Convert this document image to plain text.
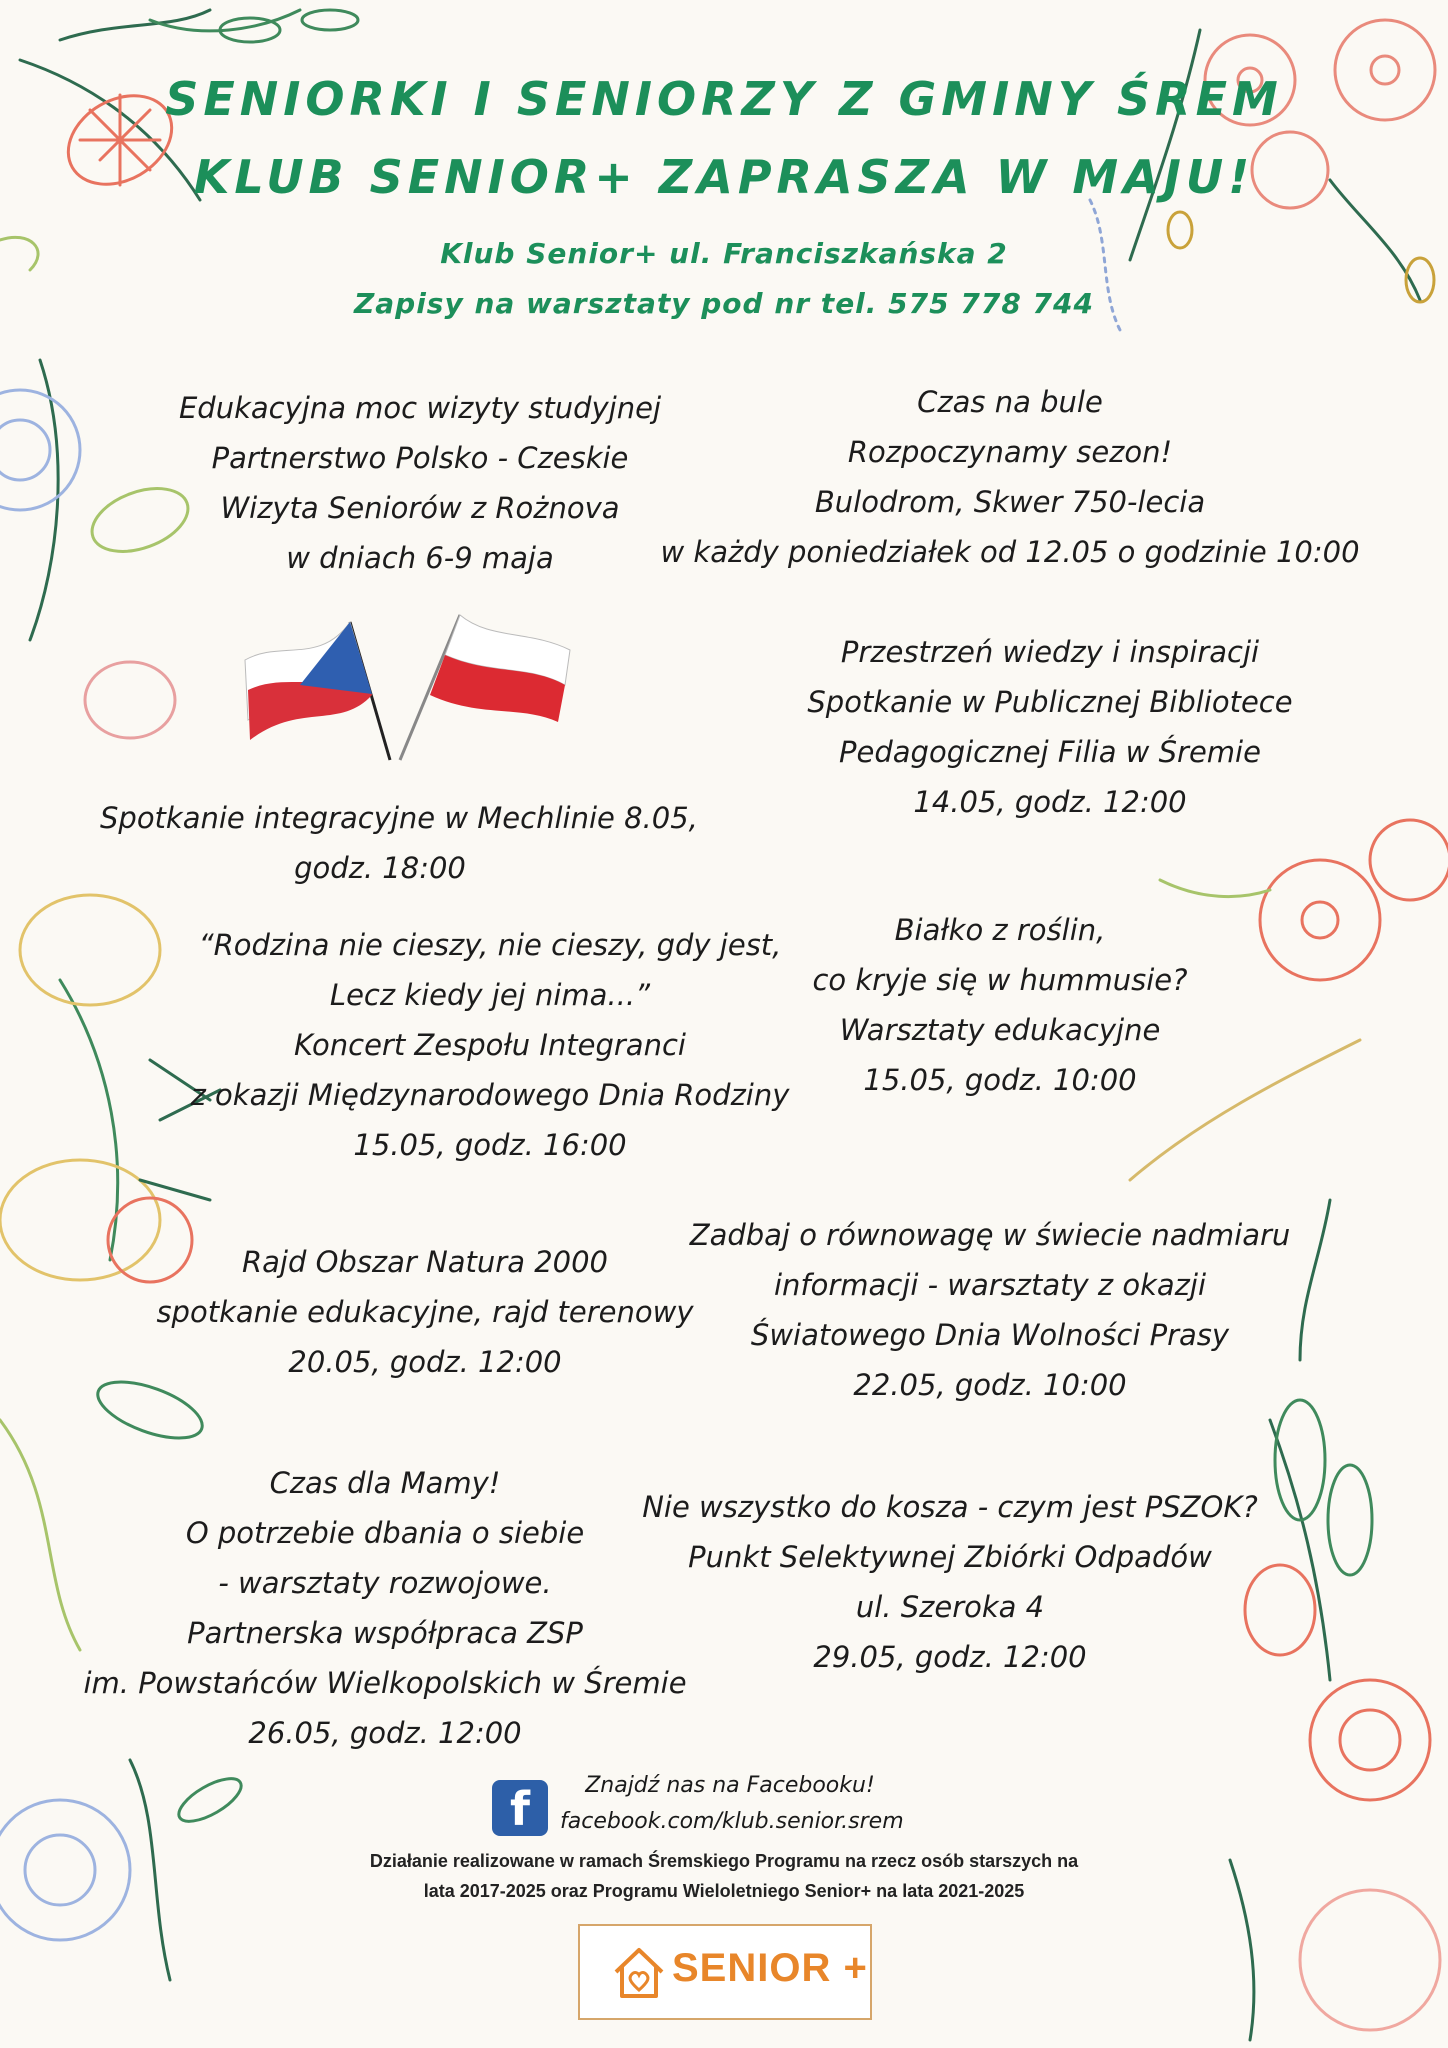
SENIORKI I SENIORZY Z GMINY ŚREM
KLUB SENIOR+ ZAPRASZA W MAJU!
Klub Senior+ ul. Franciszkańska 2
Zapisy na warsztaty pod nr tel. 575 778 744
Edukacyjna moc wizyty studyjnej
Partnerstwo Polsko - Czeskie
Wizyta Seniorów z Rożnova
w dniach 6-9 maja
Spotkanie integracyjne w Mechlinie 8.05,
godz. 18:00
Czas na bule
Rozpoczynamy sezon!
Bulodrom, Skwer 750-lecia
w każdy poniedziałek od 12.05 o godzinie 10:00
Przestrzeń wiedzy i inspiracji
Spotkanie w Publicznej Bibliotece
Pedagogicznej Filia w Śremie
14.05, godz. 12:00
“Rodzina nie cieszy, nie cieszy, gdy jest,
Lecz kiedy jej nima...”
Koncert Zespołu Integranci
z okazji Międzynarodowego Dnia Rodziny
15.05, godz. 16:00
Białko z roślin,
co kryje się w hummusie?
Warsztaty edukacyjne
15.05, godz. 10:00
Rajd Obszar Natura 2000
spotkanie edukacyjne, rajd terenowy
20.05, godz. 12:00
Zadbaj o równowagę w świecie nadmiaru
informacji - warsztaty z okazji
Światowego Dnia Wolności Prasy
22.05, godz. 10:00
Czas dla Mamy!
O potrzebie dbania o siebie
- warsztaty rozwojowe.
Partnerska współpraca ZSP
im. Powstańców Wielkopolskich w Śremie
26.05, godz. 12:00
Nie wszystko do kosza - czym jest PSZOK?
Punkt Selektywnej Zbiórki Odpadów
ul. Szeroka 4
29.05, godz. 12:00
f	Znajdź nas na Facebooku!
facebook.com/klub.senior.srem
Działanie realizowane w ramach Śremskiego Programu na rzecz osób starszych na
lata 2017-2025 oraz Programu Wieloletniego Senior+ na lata 2021-2025
SENIOR +
